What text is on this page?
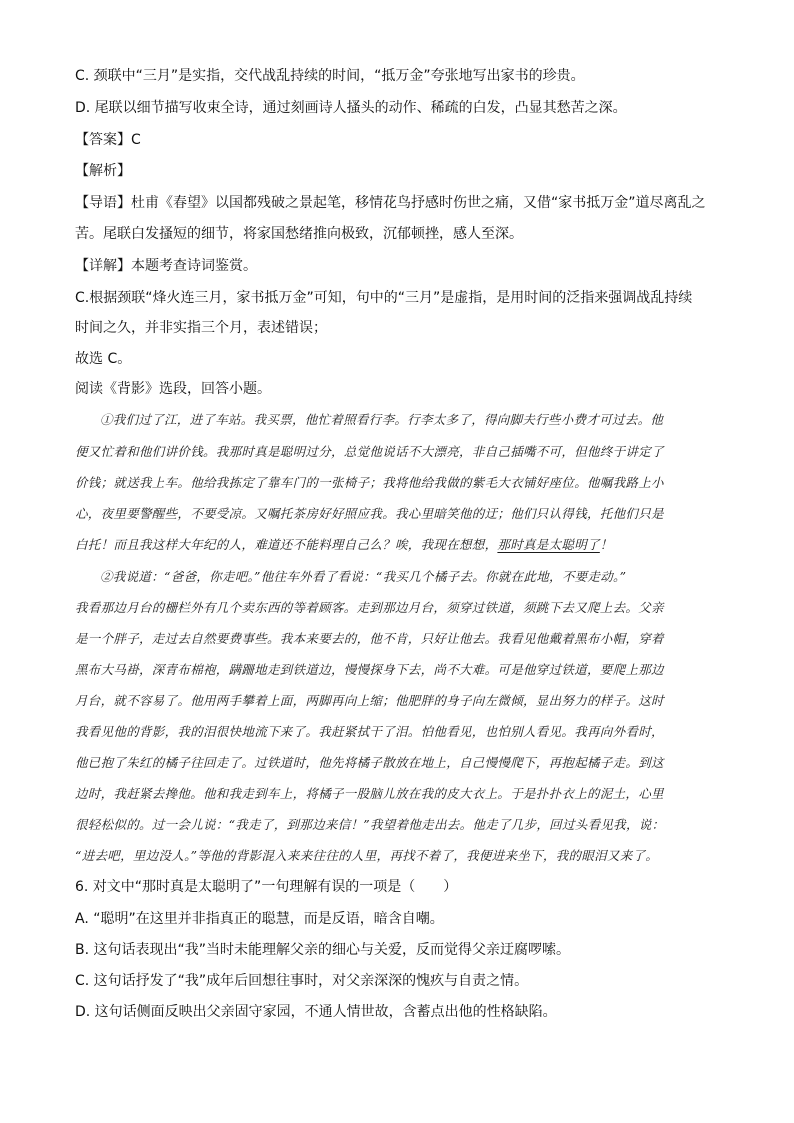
C. 颈联中“三月”是实指，交代战乱持续的时间，“抵万金”夸张地写出家书的珍贵。
D. 尾联以细节描写收束全诗，通过刻画诗人搔头的动作、稀疏的白发，凸显其愁苦之深。
【答案】C
【解析】
【导语】杜甫《春望》以国都残破之景起笔，移情花鸟抒感时伤世之痛，又借“家书抵万金”道尽离乱之
苦。尾联白发搔短的细节，将家国愁绪推向极致，沉郁顿挫，感人至深。
【详解】本题考查诗词鉴赏。
C.根据颈联“烽火连三月，家书抵万金”可知，句中的“三月”是虚指，是用时间的泛指来强调战乱持续
时间之久，并非实指三个月，表述错误；
故选 C。
阅读《背影》选段，回答小题。
①我们过了江，进了车站。我买票，他忙着照看行李。行李太多了，得向脚夫行些小费才可过去。他
便又忙着和他们讲价钱。我那时真是聪明过分，总觉他说话不大漂亮，非自己插嘴不可，但他终于讲定了
价钱；就送我上车。他给我拣定了靠车门的一张椅子；我将他给我做的紫毛大衣铺好座位。他嘱我路上小
心，夜里要警醒些，不要受凉。又嘱托茶房好好照应我。我心里暗笑他的迂；他们只认得钱，托他们只是
白托！而且我这样大年纪的人，难道还不能料理自己么？唉，我现在想想，那时真是太聪明了！
②我说道：“爸爸，你走吧。”他往车外看了看说：“我买几个橘子去。你就在此地，不要走动。”
我看那边月台的栅栏外有几个卖东西的等着顾客。走到那边月台，须穿过铁道，须跳下去又爬上去。父亲
是一个胖子，走过去自然要费事些。我本来要去的，他不肯，只好让他去。我看见他戴着黑布小帽，穿着
黑布大马褂，深青布棉袍，蹒跚地走到铁道边，慢慢探身下去，尚不大难。可是他穿过铁道，要爬上那边
月台，就不容易了。他用两手攀着上面，两脚再向上缩；他肥胖的身子向左微倾，显出努力的样子。这时
我看见他的背影，我的泪很快地流下来了。我赶紧拭干了泪。怕他看见，也怕别人看见。我再向外看时，
他已抱了朱红的橘子往回走了。过铁道时，他先将橘子散放在地上，自己慢慢爬下，再抱起橘子走。到这
边时，我赶紧去搀他。他和我走到车上，将橘子一股脑儿放在我的皮大衣上。于是扑扑衣上的泥土，心里
很轻松似的。过一会儿说：“我走了，到那边来信！”我望着他走出去。他走了几步，回过头看见我，说：
“进去吧，里边没人。”等他的背影混入来来往往的人里，再找不着了，我便进来坐下，我的眼泪又来了。
6. 对文中“那时真是太聪明了”一句理解有误的一项是（　　）
A. “聪明”在这里并非指真正的聪慧，而是反语，暗含自嘲。
B. 这句话表现出“我”当时未能理解父亲的细心与关爱，反而觉得父亲迂腐啰嗦。
C. 这句话抒发了“我”成年后回想往事时，对父亲深深的愧疚与自责之情。
D. 这句话侧面反映出父亲固守家园，不通人情世故，含蓄点出他的性格缺陷。
